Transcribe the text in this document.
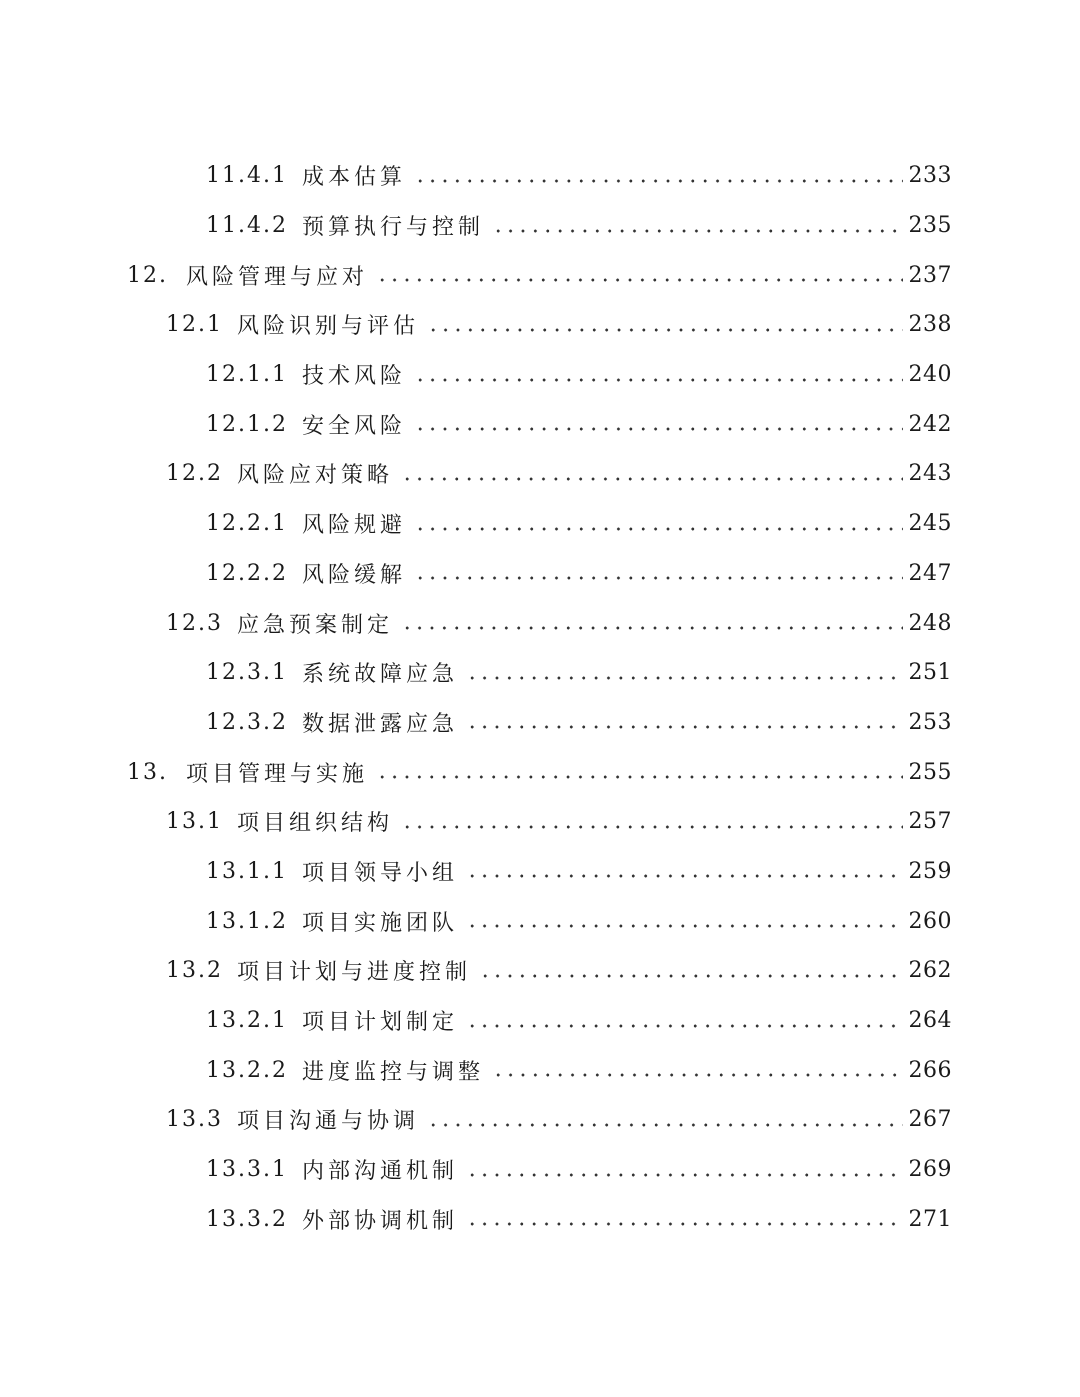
11.4.1 成本估算	233
11.4.2 预算执行与控制	235
12. 风险管理与应对	237
12.1 风险识别与评估	238
12.1.1 技术风险	240
12.1.2 安全风险	242
12.2 风险应对策略	243
12.2.1 风险规避	245
12.2.2 风险缓解	247
12.3 应急预案制定	248
12.3.1 系统故障应急	251
12.3.2 数据泄露应急	253
13. 项目管理与实施	255
13.1 项目组织结构	257
13.1.1 项目领导小组	259
13.1.2 项目实施团队	260
13.2 项目计划与进度控制	262
13.2.1 项目计划制定	264
13.2.2 进度监控与调整	266
13.3 项目沟通与协调	267
13.3.1 内部沟通机制	269
13.3.2 外部协调机制	271
